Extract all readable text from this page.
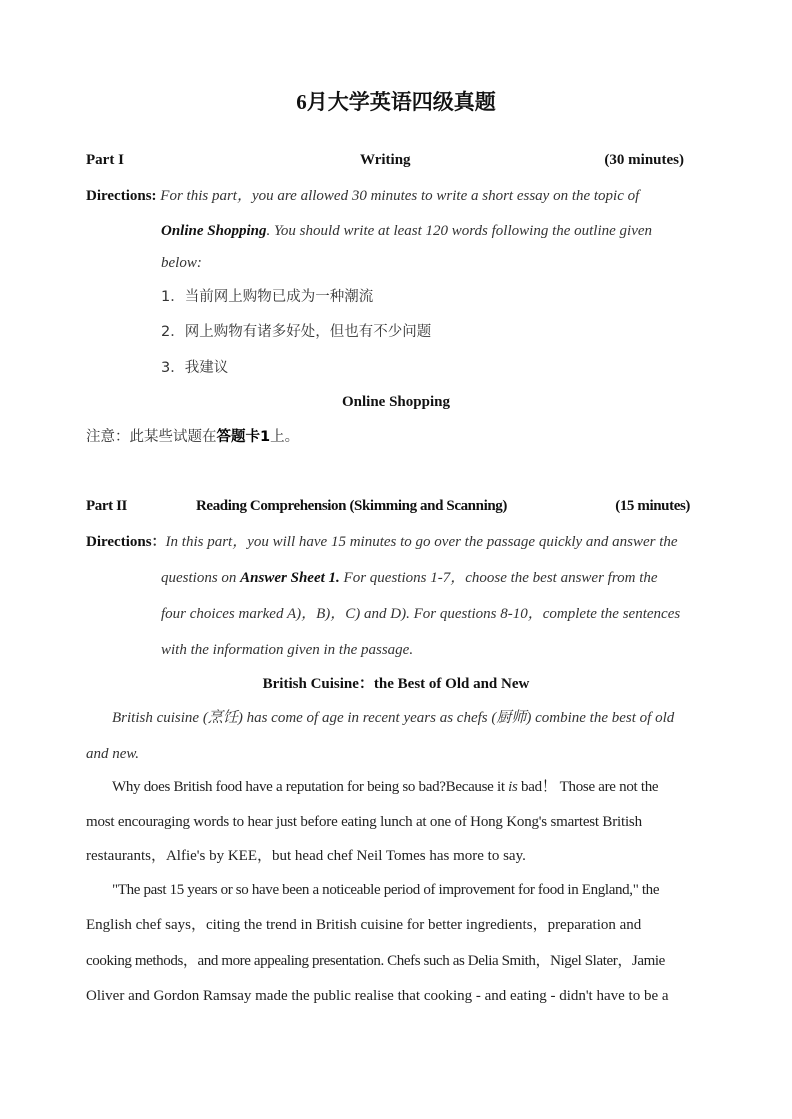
6月大学英语四级真题
Part I	Writing	(30 minutes)
Directions: For this part，you are allowed 30 minutes to write a short essay on the topic of
Online Shopping. You should write at least 120 words following the outline given
below:
1．当前网上购物已成为一种潮流
2．网上购物有诸多好处，但也有不少问题
3．我建议
Online Shopping
注意：此某些试题在答题卡1上。
Part II	Reading Comprehension (Skimming and Scanning)	(15 minutes)
Directions：In this part，you will have 15 minutes to go over the passage quickly and answer the
questions on Answer Sheet 1. For questions 1-7，choose the best answer from the
four choices marked A)，B)，C) and D). For questions 8-10，complete the sentences
with the information given in the passage.
British Cuisine：the Best of Old and New
British cuisine (烹饪) has come of age in recent years as chefs (厨师) combine the best of old
and new.
Why does British food have a reputation for being so bad?Because it is bad！ Those are not the
most encouraging words to hear just before eating lunch at one of Hong Kong's smartest British
restaurants，Alfie's by KEE，but head chef Neil Tomes has more to say.
"The past 15 years or so have been a noticeable period of improvement for food in England," the
English chef says，citing the trend in British cuisine for better ingredients，preparation and
cooking methods，and more appealing presentation. Chefs such as Delia Smith，Nigel Slater，Jamie
Oliver and Gordon Ramsay made the public realise that cooking - and eating - didn't have to be a
